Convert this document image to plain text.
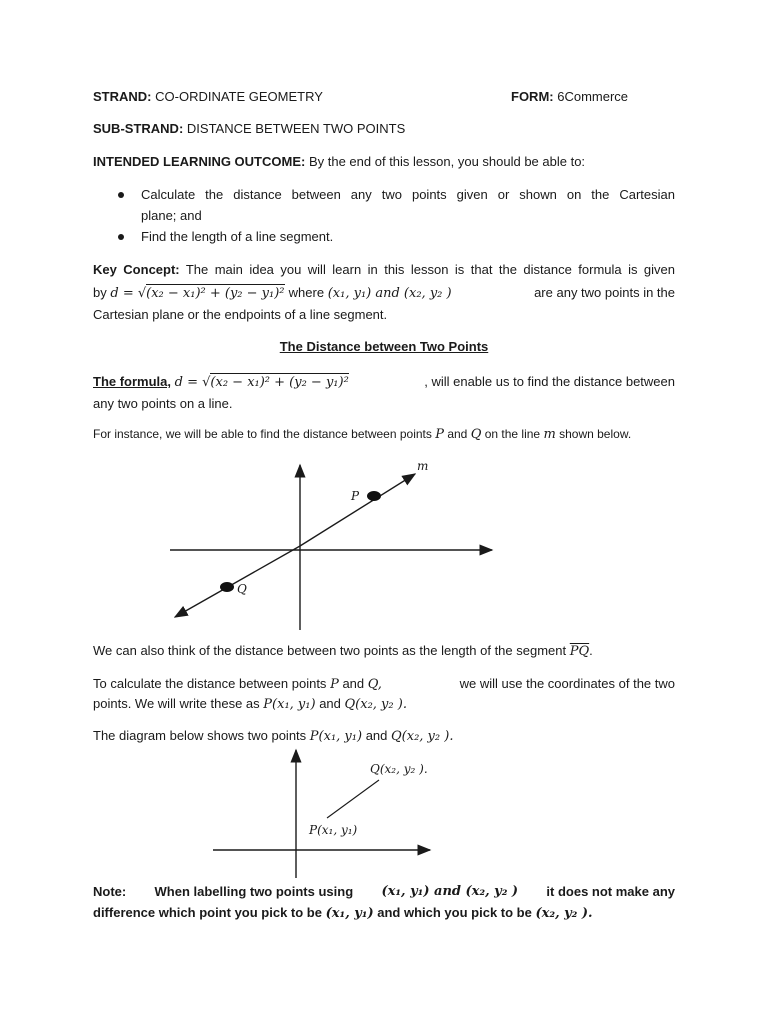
STRAND: CO-ORDINATE GEOMETRY	FORM: 6Commerce
SUB-STRAND: DISTANCE BETWEEN TWO POINTS
INTENDED LEARNING OUTCOME: By the end of this lesson, you should be able to:
Calculate the distance between any two points given or shown on the Cartesian
plane; and
Find the length of a line segment.
Key Concept: The main idea you will learn in this lesson is that the distance formula is given
by d = √(x₂ − x₁)² + (y₂ − y₁)² where (x₁, y₁) and (x₂, y₂ )	are any two points in the
Cartesian plane or the endpoints of a line segment.
The Distance between Two Points
The formula, d = √(x₂ − x₁)² + (y₂ − y₁)²	, will enable us to find the distance between
any two points on a line.
For instance, we will be able to find the distance between points P and Q on the line m shown below.
m
P
Q
Q(x₂, y₂ ).
P(x₁, y₁)
We can also think of the distance between two points as the length of the segment $\overline{PQ}$.
To calculate the distance between points P and Q,	we will use the coordinates of the two
points. We will write these as P(x₁, y₁) and Q(x₂, y₂ ).
The diagram below shows two points P(x₁, y₁) and Q(x₂, y₂ ).
Note: When labelling two points using (x₁, y₁) and (x₂, y₂ ) it does not make any
difference which point you pick to be (x₁, y₁) and which you pick to be (x₂, y₂ ).
